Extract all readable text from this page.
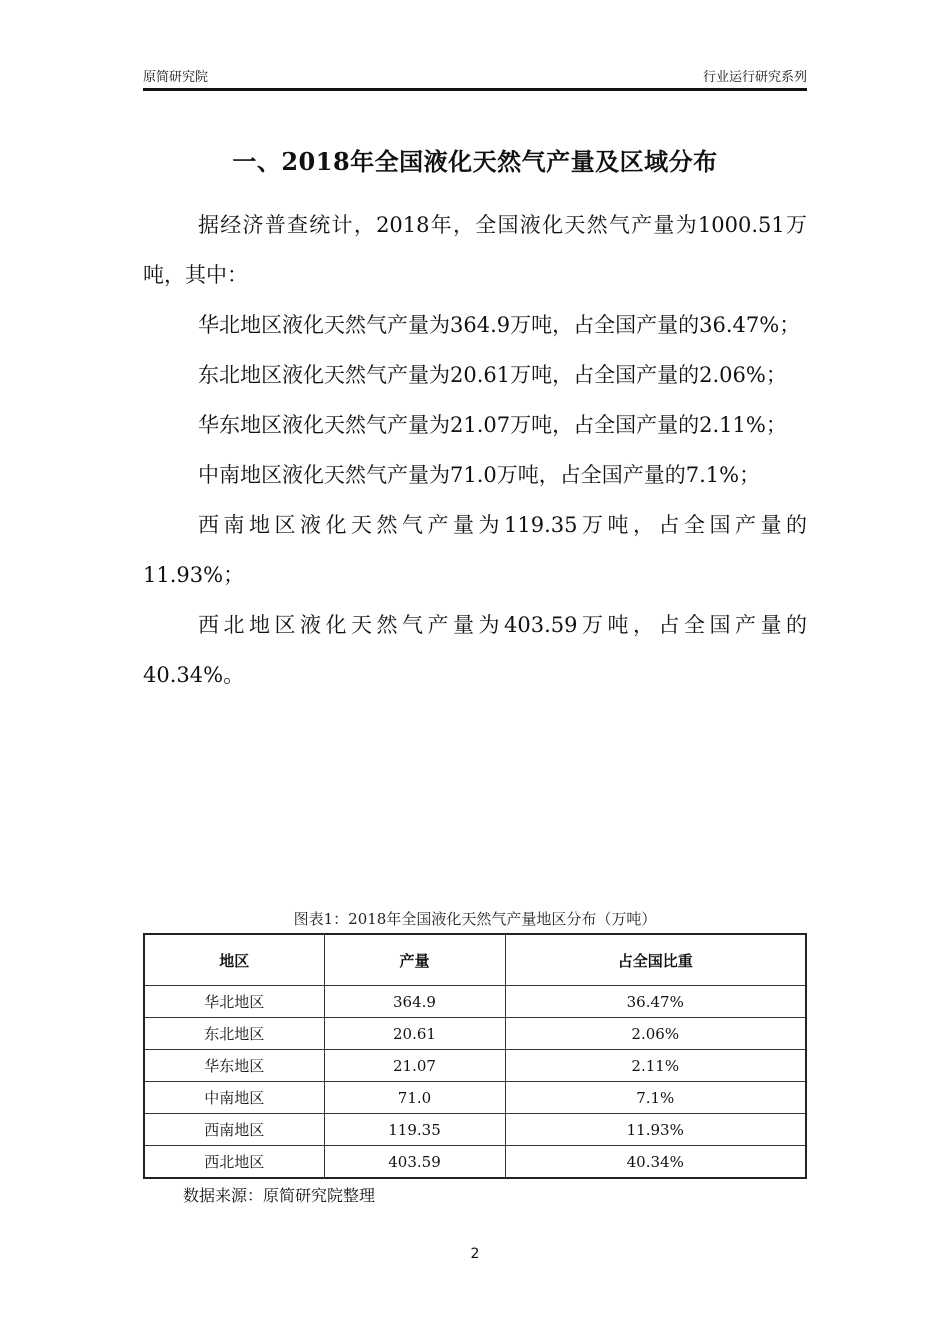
原简研究院	行业运行研究系列
一、2018年全国液化天然气产量及区域分布

据经济普查统计，2018年，全国液化天然气产量为1000.51万吨，其中：

华北地区液化天然气产量为364.9万吨，占全国产量的36.47%；

东北地区液化天然气产量为20.61万吨，占全国产量的2.06%；

华东地区液化天然气产量为21.07万吨，占全国产量的2.11%；

中南地区液化天然气产量为71.0万吨，占全国产量的7.1%；

西南地区液化天然气产量为119.35万吨，占全国产量的11.93%；

西北地区液化天然气产量为403.59万吨，占全国产量的40.34%。

图表1：2018年全国液化天然气产量地区分布（万吨）
地区	产量	占全国比重
华北地区	364.9	36.47%
东北地区	20.61	2.06%
华东地区	21.07	2.11%
中南地区	71.0	7.1%
西南地区	119.35	11.93%
西北地区	403.59	40.34%
数据来源：原简研究院整理
2
